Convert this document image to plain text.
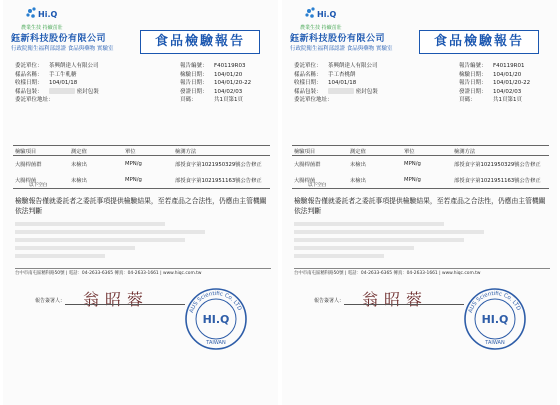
Hi.Q
農業生技 持續茁壯
鈺新科技股份有限公司
行政院衛生福利部認證 食品與藥物 實驗室	食品檢驗報告
委託單位： 茶興餅達人有限公司	報告編號： F40119R03
樣品名稱： 手工牛軋糖	檢驗日期： 104/01/20
收樣日期： 104/01/18	報告日期： 104/01/20-22
樣品包裝：	密封包裝	發證日期： 104/02/03
委託單位地址：	頁碼：	共1頁第1頁
檢驗項目	測定值	單位	檢測方法
大腸桿菌群	未檢出	MPN/g	部授食字第1021950329號公告修正
大腸桿菌	未檢出	MPN/g	部授食字第1021951163號公告修正
以下空白
檢驗報告僅就委託者之委託事項提供檢驗結果，至若產品之合法性，仍應由主管機關依法判斷
台中市南屯區精科路50號 | 電話：04-2633-6365 傳真：04-2633-1661 | www.hiqc.com.tw
報告簽署人： 翁昭蓉
AUS Scientific Co. LTD
HI.Q
TAIWAN
Hi.Q
農業生技 持續茁壯
鈺新科技股份有限公司
行政院衛生福利部認證 食品與藥物 實驗室	食品檢驗報告
委託單位： 茶興餅達人有限公司	報告編號： F40119R01
樣品名稱： 手工杏桃餅	檢驗日期： 104/01/20
收樣日期： 104/01/18	報告日期： 104/01/20-22
樣品包裝：	密封包裝	發證日期： 104/02/03
委託單位地址：	頁碼：	共1頁第1頁
檢驗項目	測定值	單位	檢測方法
大腸桿菌群	未檢出	MPN/g	部授食字第1021950329號公告修正
大腸桿菌	未檢出	MPN/g	部授食字第1021951163號公告修正
以下空白
檢驗報告僅就委託者之委託事項提供檢驗結果，至若產品之合法性，仍應由主管機關依法判斷
台中市南屯區精科路50號 | 電話：04-2633-6365 傳真：04-2633-1661 | www.hiqc.com.tw
報告簽署人： 翁昭蓉
AUS Scientific Co. LTD
HI.Q
TAIWAN
